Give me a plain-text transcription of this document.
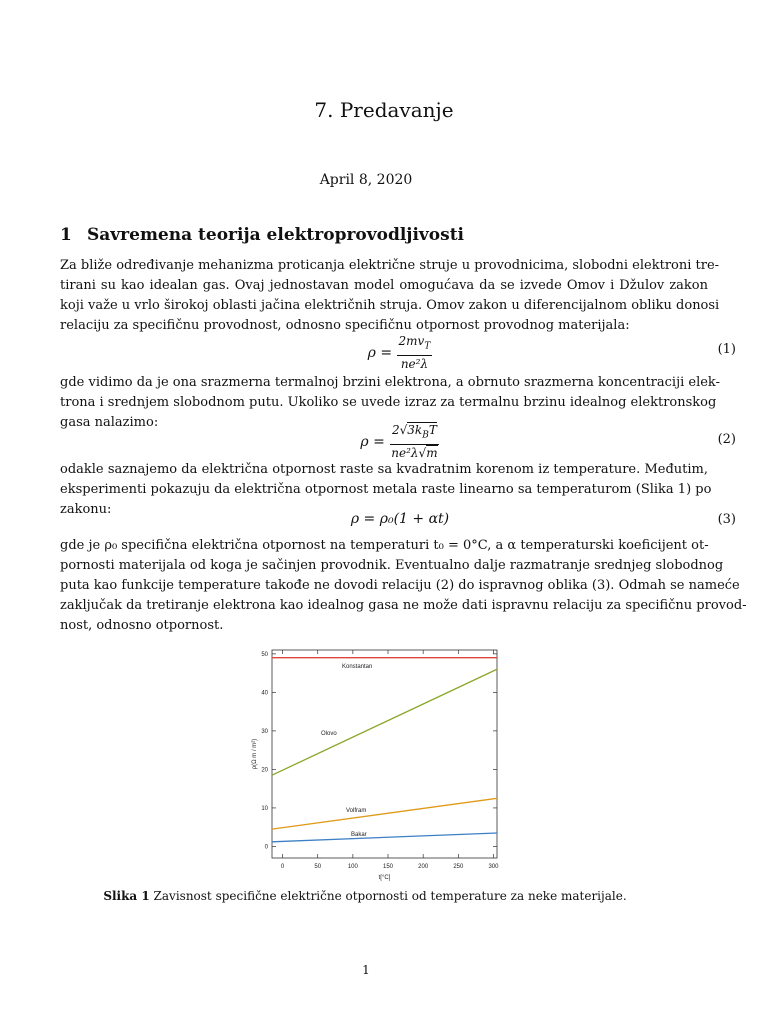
7. Predavanje
April 8, 2020
1 Savremena teorija elektroprovodljivosti
Za bliže određivanje mehanizma proticanja električne struje u provodnicima, slobodni elektroni tre-
tirani su kao idealan gas. Ovaj jednostavan model omogućava da se izvede Omov i Džulov zakon
koji važe u vrlo širokoj oblasti jačina električnih struja. Omov zakon u diferencijalnom obliku donosi
relaciju za specifičnu provodnost, odnosno specifičnu otpornost provodnog materijala:
$\rho = \frac{2mv_T}{\text{ne²λ}}$	(1)
gde vidimo da je ona srazmerna termalnoj brzini elektrona, a obrnuto srazmerna koncentraciji elek-
trona i srednjem slobodnom putu. Ukoliko se uvede izraz za termalnu brzinu idealnog elektronskog
gasa nalazimo:
$\rho = \frac{2√3k_BT}{\text{ne²λ√m}}$	(2)
odakle saznajemo da električna otpornost raste sa kvadratnim korenom iz temperature. Međutim,
eksperimenti pokazuju da električna otpornost metala raste linearno sa temperaturom (Slika 1) po
zakonu:
ρ = ρ₀(1 + αt)	(3)
gde je ρ₀ specifična električna otpornost na temperaturi t₀ = 0°C, a α temperaturski koeficijent ot-
pornosti materijala od koga je sačinjen provodnik. Eventualno dalje razmatranje srednjeg slobodnog
puta kao funkcije temperature takođe ne dovodi relaciju (2) do ispravnog oblika (3). Odmah se nameće
zaključak da tretiranje elektrona kao idealnog gasa ne može dati ispravnu relaciju za specifičnu provod-
nost, odnosno otpornost.
0	50	100	150	200	250	300
0
10
20
30
40
50
t[°C]
ρ(Ω m / m²)
Konstantan
Olovo
Volfram
Bakar
Slika 1 Zavisnost specifične električne otpornosti od temperature za neke materijale.
1
